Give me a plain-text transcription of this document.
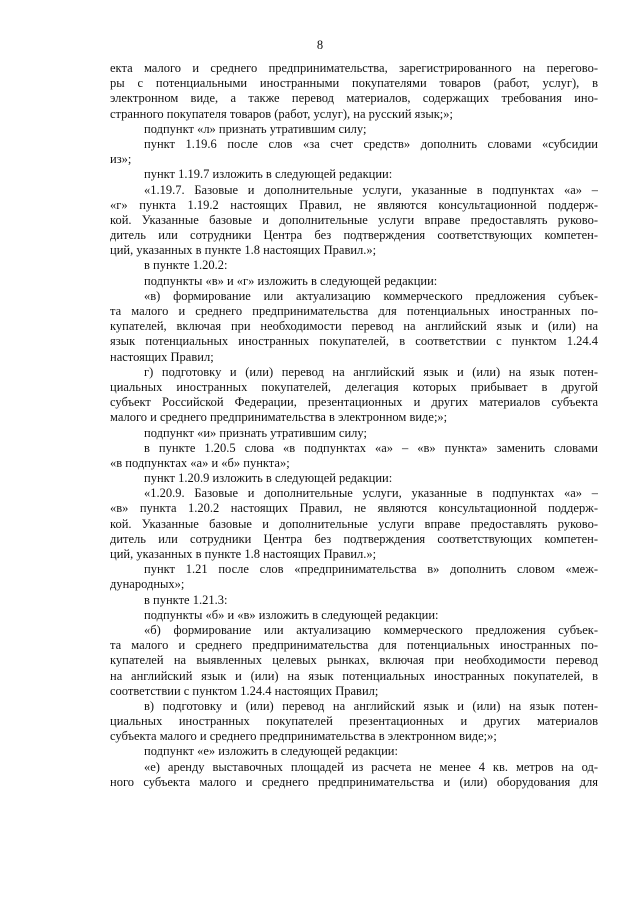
8
екта малого и среднего предпринимательства, зарегистрированного на перегово-
ры с потенциальными иностранными покупателями товаров (работ, услуг), в
электронном виде, а также перевод материалов, содержащих требования ино-
странного покупателя товаров (работ, услуг), на русский язык;»;
подпункт «л» признать утратившим силу;
пункт 1.19.6 после слов «за счет средств» дополнить словами «субсидии
из»;
пункт 1.19.7 изложить в следующей редакции:
«1.19.7. Базовые и дополнительные услуги, указанные в подпунктах «а» –
«г» пункта 1.19.2 настоящих Правил, не являются консультационной поддерж-
кой. Указанные базовые и дополнительные услуги вправе предоставлять руково-
дитель или сотрудники Центра без подтверждения соответствующих компетен-
ций, указанных в пункте 1.8 настоящих Правил.»;
в пункте 1.20.2:
подпункты «в» и «г» изложить в следующей редакции:
«в) формирование или актуализацию коммерческого предложения субъек-
та малого и среднего предпринимательства для потенциальных иностранных по-
купателей, включая при необходимости перевод на английский язык и (или) на
язык потенциальных иностранных покупателей, в соответствии с пунктом 1.24.4
настоящих Правил;
г) подготовку и (или) перевод на английский язык и (или) на язык потен-
циальных иностранных покупателей, делегация которых прибывает в другой
субъект Российской Федерации, презентационных и других материалов субъекта
малого и среднего предпринимательства в электронном виде;»;
подпункт «и» признать утратившим силу;
в пункте 1.20.5 слова «в подпунктах «а» – «в» пункта» заменить словами
«в подпунктах «а» и «б» пункта»;
пункт 1.20.9 изложить в следующей редакции:
«1.20.9. Базовые и дополнительные услуги, указанные в подпунктах «а» –
«в» пункта 1.20.2 настоящих Правил, не являются консультационной поддерж-
кой. Указанные базовые и дополнительные услуги вправе предоставлять руково-
дитель или сотрудники Центра без подтверждения соответствующих компетен-
ций, указанных в пункте 1.8 настоящих Правил.»;
пункт 1.21 после слов «предпринимательства в» дополнить словом «меж-
дународных»;
в пункте 1.21.3:
подпункты «б» и «в» изложить в следующей редакции:
«б) формирование или актуализацию коммерческого предложения субъек-
та малого и среднего предпринимательства для потенциальных иностранных по-
купателей на выявленных целевых рынках, включая при необходимости перевод
на английский язык и (или) на язык потенциальных иностранных покупателей, в
соответствии с пунктом 1.24.4 настоящих Правил;
в) подготовку и (или) перевод на английский язык и (или) на язык потен-
циальных иностранных покупателей презентационных и других материалов
субъекта малого и среднего предпринимательства в электронном виде;»;
подпункт «е» изложить в следующей редакции:
«е) аренду выставочных площадей из расчета не менее 4 кв. метров на од-
ного субъекта малого и среднего предпринимательства и (или) оборудования для
